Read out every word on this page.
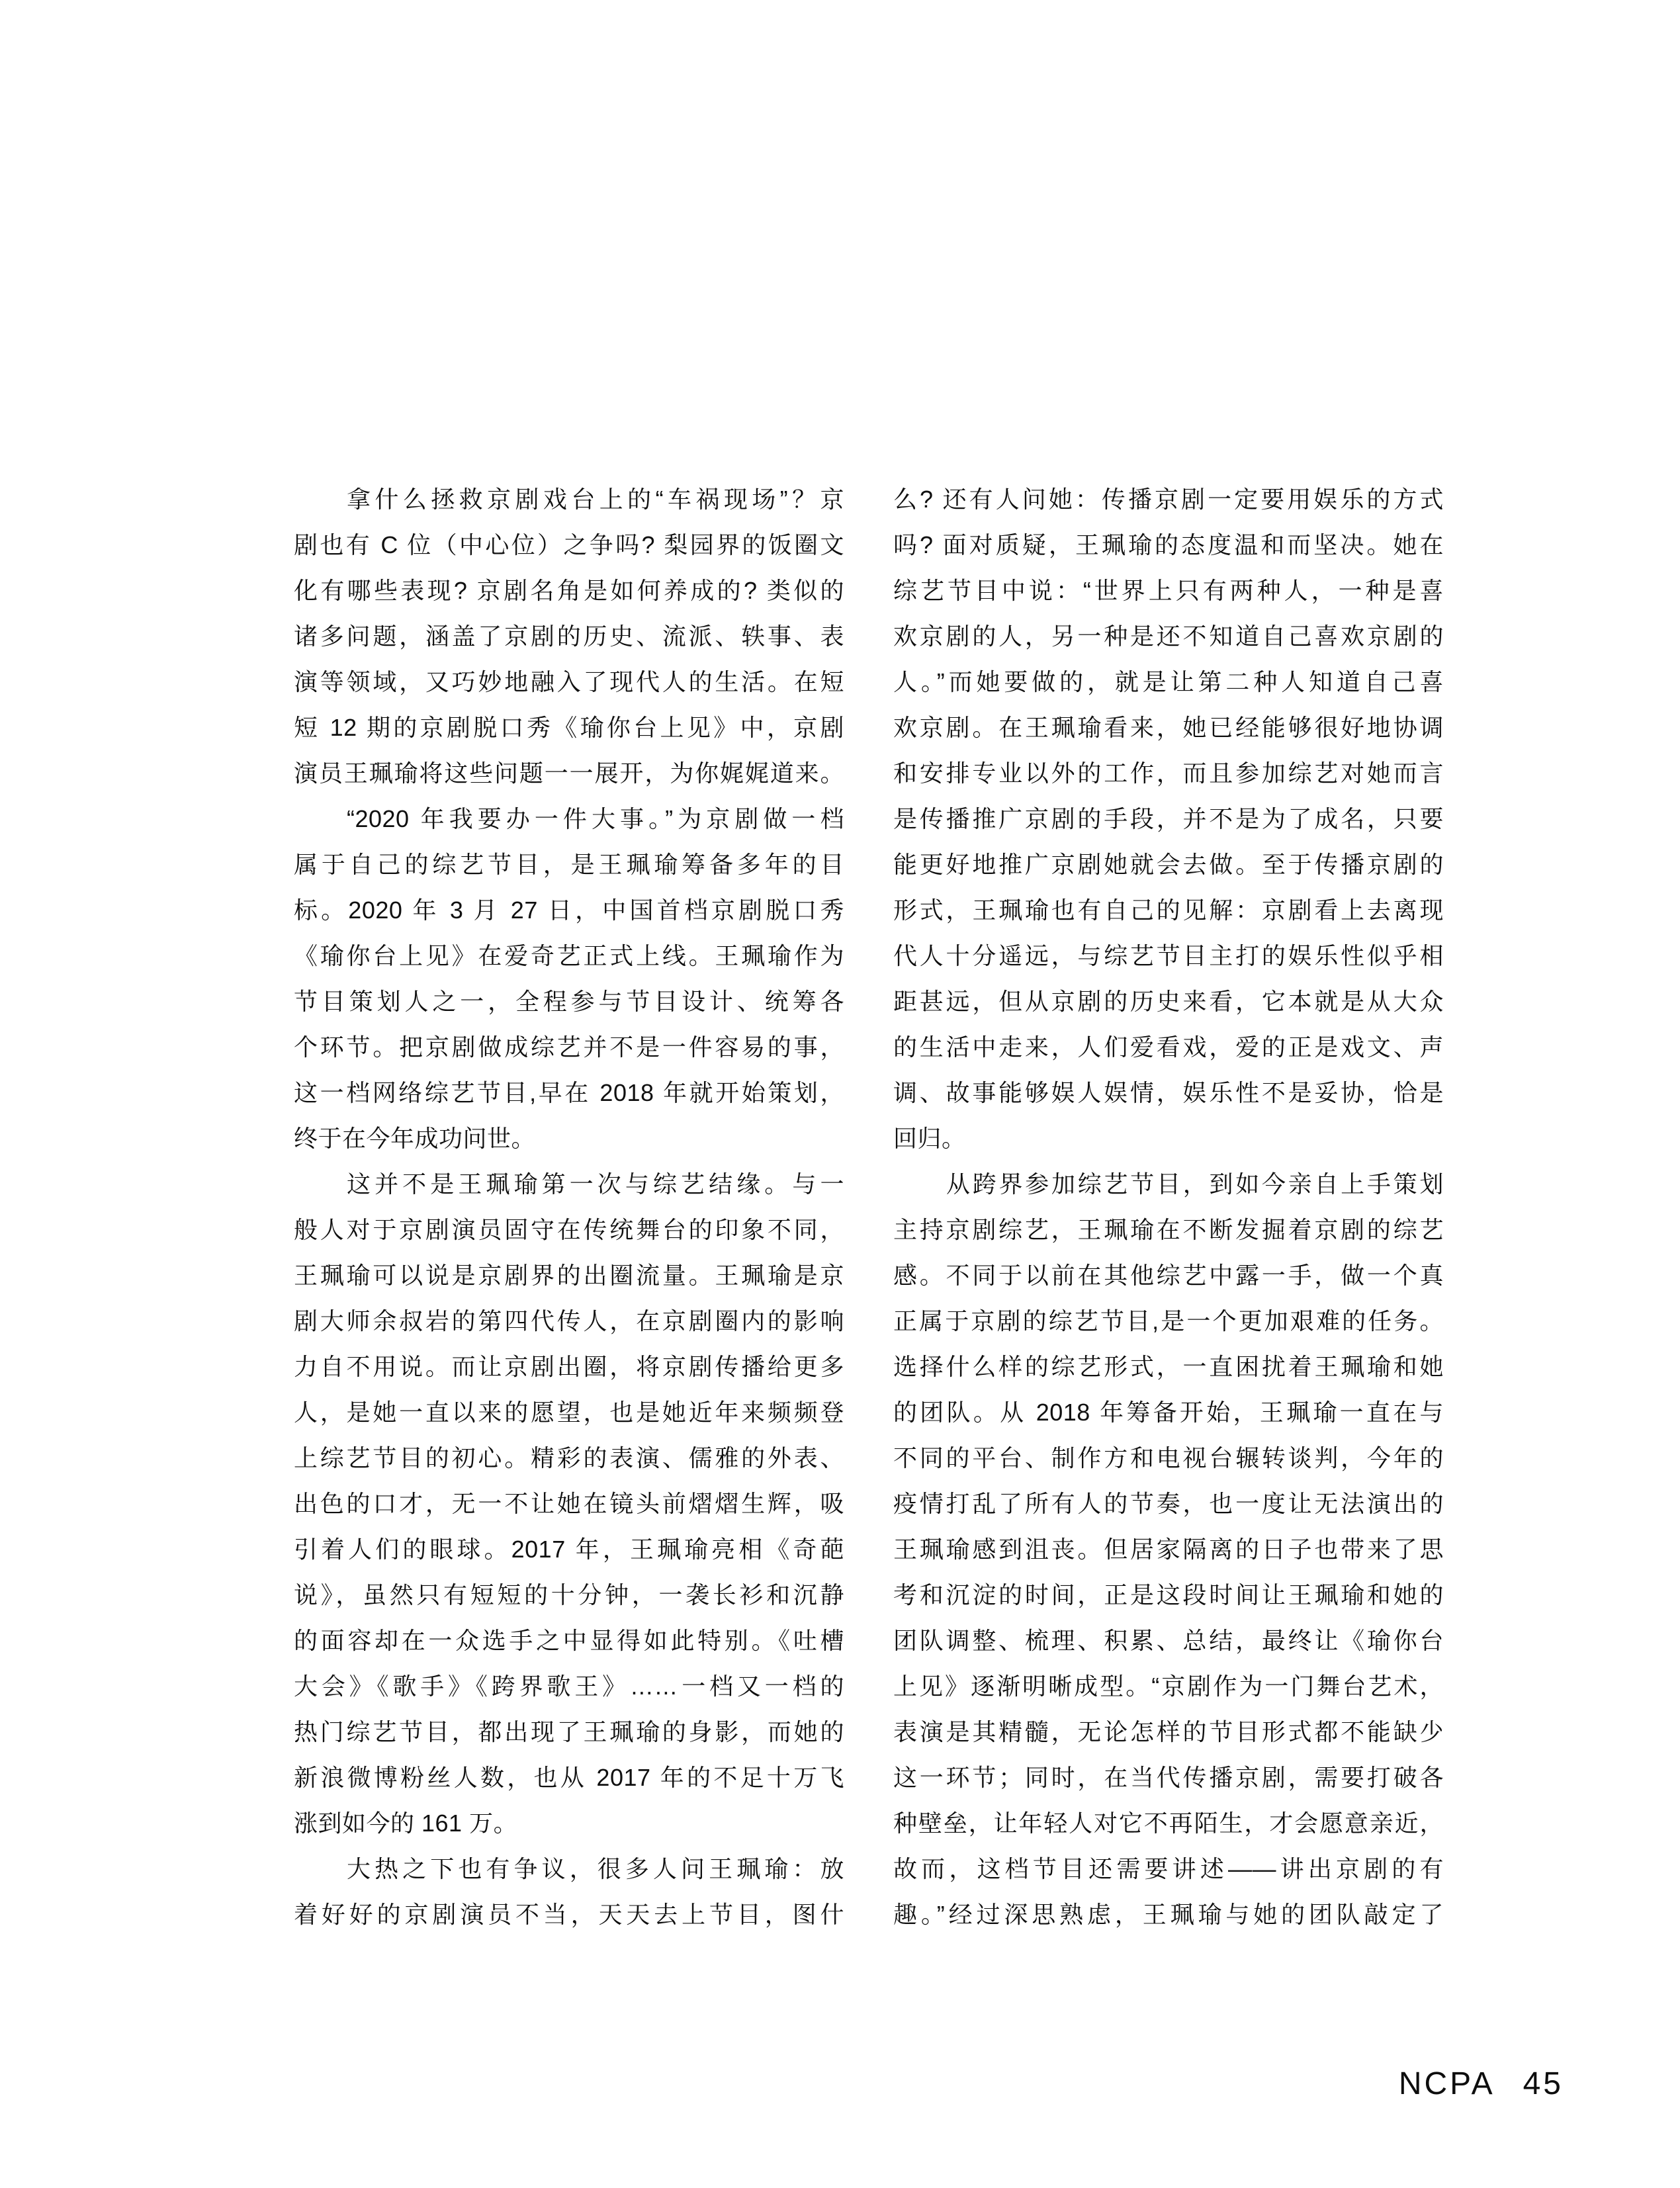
拿什么拯救京剧戏台上的“车祸现场”？京
剧也有 C 位（中心位）之争吗? 梨园界的饭圈文
化有哪些表现? 京剧名角是如何养成的? 类似的
诸多问题，涵盖了京剧的历史、流派、轶事、表
演等领域，又巧妙地融入了现代人的生活。在短
短 12 期的京剧脱口秀《瑜你台上见》中，京剧
演员王珮瑜将这些问题一一展开，为你娓娓道来。
“2020 年我要办一件大事。”为京剧做一档
属于自己的综艺节目，是王珮瑜筹备多年的目
标。2020 年 3 月 27 日，中国首档京剧脱口秀
《瑜你台上见》在爱奇艺正式上线。王珮瑜作为
节目策划人之一，全程参与节目设计、统筹各
个环节。把京剧做成综艺并不是一件容易的事，
这一档网络综艺节目,早在 2018 年就开始策划，
终于在今年成功问世。
这并不是王珮瑜第一次与综艺结缘。与一
般人对于京剧演员固守在传统舞台的印象不同，
王珮瑜可以说是京剧界的出圈流量。王珮瑜是京
剧大师余叔岩的第四代传人，在京剧圈内的影响
力自不用说。而让京剧出圈，将京剧传播给更多
人，是她一直以来的愿望，也是她近年来频频登
上综艺节目的初心。精彩的表演、儒雅的外表、
出色的口才，无一不让她在镜头前熠熠生辉，吸
引着人们的眼球。2017 年，王珮瑜亮相《奇葩
说》，虽然只有短短的十分钟，一袭长衫和沉静
的面容却在一众选手之中显得如此特别。《吐槽
大会》《歌手》《跨界歌王》……一档又一档的
热门综艺节目，都出现了王珮瑜的身影，而她的
新浪微博粉丝人数，也从 2017 年的不足十万飞
涨到如今的 161 万。
大热之下也有争议，很多人问王珮瑜：放
着好好的京剧演员不当，天天去上节目，图什
么? 还有人问她：传播京剧一定要用娱乐的方式
吗? 面对质疑，王珮瑜的态度温和而坚决。她在
综艺节目中说：“世界上只有两种人，一种是喜
欢京剧的人，另一种是还不知道自己喜欢京剧的
人。”而她要做的，就是让第二种人知道自己喜
欢京剧。在王珮瑜看来，她已经能够很好地协调
和安排专业以外的工作，而且参加综艺对她而言
是传播推广京剧的手段，并不是为了成名，只要
能更好地推广京剧她就会去做。至于传播京剧的
形式，王珮瑜也有自己的见解：京剧看上去离现
代人十分遥远，与综艺节目主打的娱乐性似乎相
距甚远，但从京剧的历史来看，它本就是从大众
的生活中走来，人们爱看戏，爱的正是戏文、声
调、故事能够娱人娱情，娱乐性不是妥协，恰是
回归。
从跨界参加综艺节目，到如今亲自上手策划
主持京剧综艺，王珮瑜在不断发掘着京剧的综艺
感。不同于以前在其他综艺中露一手，做一个真
正属于京剧的综艺节目,是一个更加艰难的任务。
选择什么样的综艺形式，一直困扰着王珮瑜和她
的团队。从 2018 年筹备开始，王珮瑜一直在与
不同的平台、制作方和电视台辗转谈判，今年的
疫情打乱了所有人的节奏，也一度让无法演出的
王珮瑜感到沮丧。但居家隔离的日子也带来了思
考和沉淀的时间，正是这段时间让王珮瑜和她的
团队调整、梳理、积累、总结，最终让《瑜你台
上见》逐渐明晰成型。“京剧作为一门舞台艺术，
表演是其精髓，无论怎样的节目形式都不能缺少
这一环节；同时，在当代传播京剧，需要打破各
种壁垒，让年轻人对它不再陌生，才会愿意亲近，
故而，这档节目还需要讲述——讲出京剧的有
趣。”经过深思熟虑，王珮瑜与她的团队敲定了
NCPA 45
